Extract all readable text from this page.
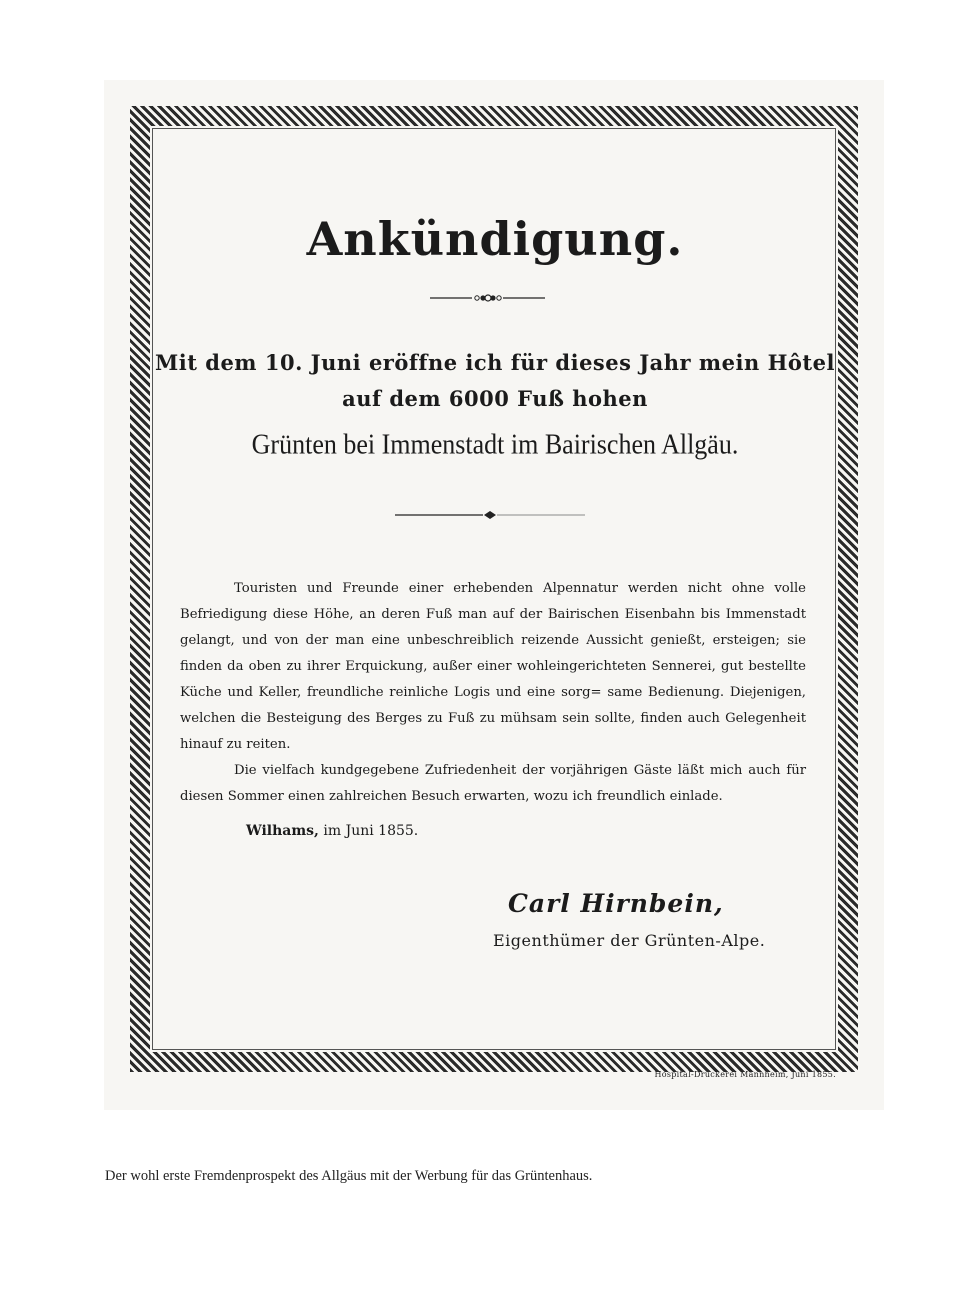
Ankündigung.
Mit dem 10. Juni eröffne ich für dieses Jahr mein Hôtel
auf dem 6000 Fuß hohen
Grünten bei Immenstadt im Bairischen Allgäu.

Touristen und Freunde einer erhebenden Alpennatur werden nicht ohne volle Befriedigung diese Höhe, an deren Fuß man auf der Bairischen Eisenbahn bis Immenstadt gelangt, und von der man eine unbeschreiblich reizende Aussicht genießt, ersteigen; sie finden da oben zu ihrer Erquickung, außer einer wohleingerichteten Sennerei, gut bestellte Küche und Keller, freundliche reinliche Logis und eine sorg= same Bedienung. Diejenigen, welchen die Besteigung des Berges zu Fuß zu mühsam sein sollte, finden auch Gelegenheit hinauf zu reiten.

Die vielfach kundgegebene Zufriedenheit der vorjährigen Gäste läßt mich auch für diesen Sommer einen zahlreichen Besuch erwarten, wozu ich freundlich einlade.

Wilhams, im Juni 1855.
Carl Hirnbein,
Eigenthümer der Grünten-Alpe.
Hospital-Druckerei Mannheim, Juni 1855.
Der wohl erste Fremdenprospekt des Allgäus mit der Werbung für das Grüntenhaus.
